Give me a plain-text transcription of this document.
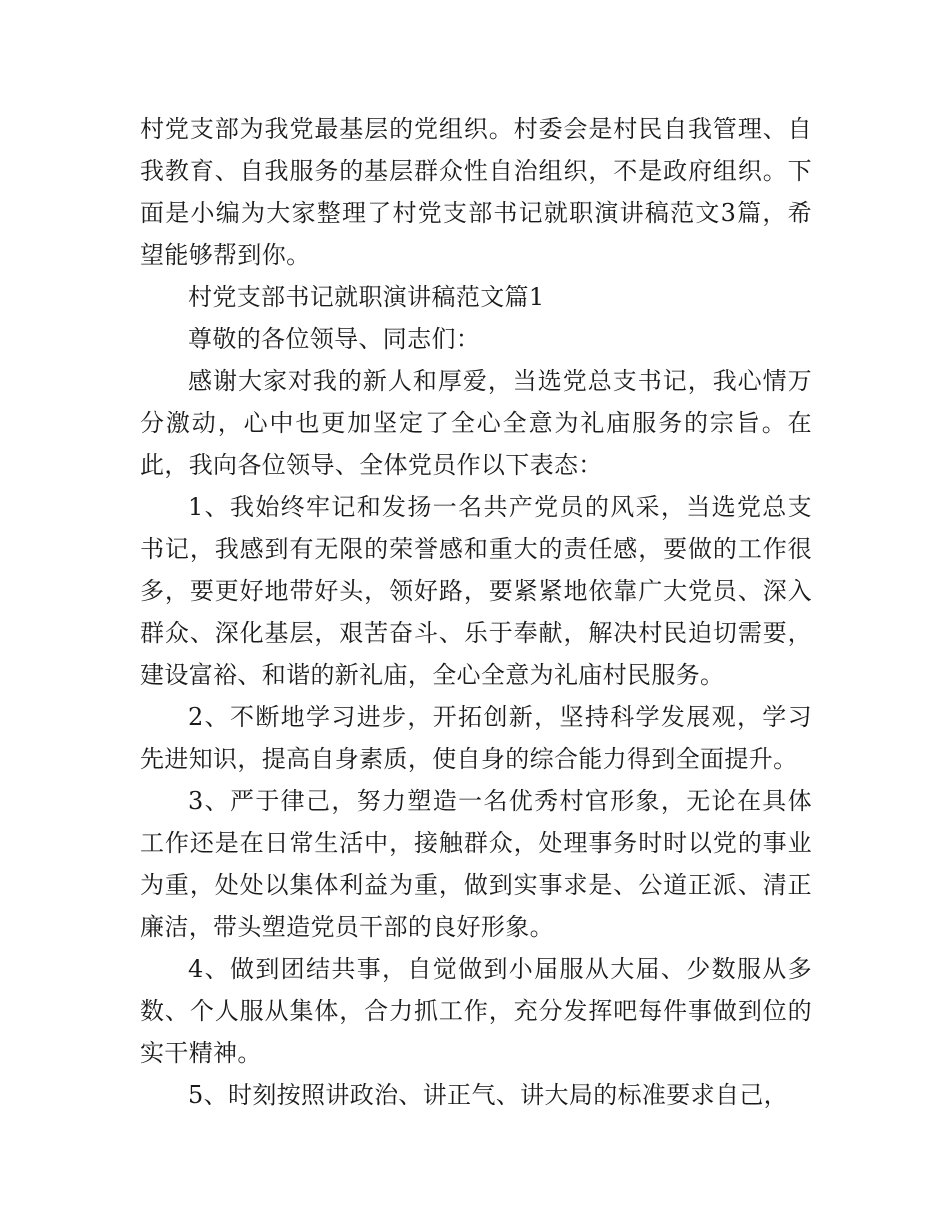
村党支部为我党最基层的党组织。村委会是村民自我管理、自我教育、自我服务的基层群众性自治组织，不是政府组织。下面是小编为大家整理了村党支部书记就职演讲稿范文3篇，希望能够帮到你。

村党支部书记就职演讲稿范文篇1

尊敬的各位领导、同志们：

感谢大家对我的新人和厚爱，当选党总支书记，我心情万分激动，心中也更加坚定了全心全意为礼庙服务的宗旨。在此，我向各位领导、全体党员作以下表态：

1、我始终牢记和发扬一名共产党员的风采，当选党总支书记，我感到有无限的荣誉感和重大的责任感，要做的工作很多，要更好地带好头，领好路，要紧紧地依靠广大党员、深入群众、深化基层，艰苦奋斗、乐于奉献，解决村民迫切需要，建设富裕、和谐的新礼庙，全心全意为礼庙村民服务。

2、不断地学习进步，开拓创新，坚持科学发展观，学习先进知识，提高自身素质，使自身的综合能力得到全面提升。

3、严于律己，努力塑造一名优秀村官形象，无论在具体工作还是在日常生活中，接触群众，处理事务时时以党的事业为重，处处以集体利益为重，做到实事求是、公道正派、清正廉洁，带头塑造党员干部的良好形象。

4、做到团结共事，自觉做到小届服从大届、少数服从多数、个人服从集体，合力抓工作，充分发挥吧每件事做到位的实干精神。

5、时刻按照讲政治、讲正气、讲大局的标准要求自己，
